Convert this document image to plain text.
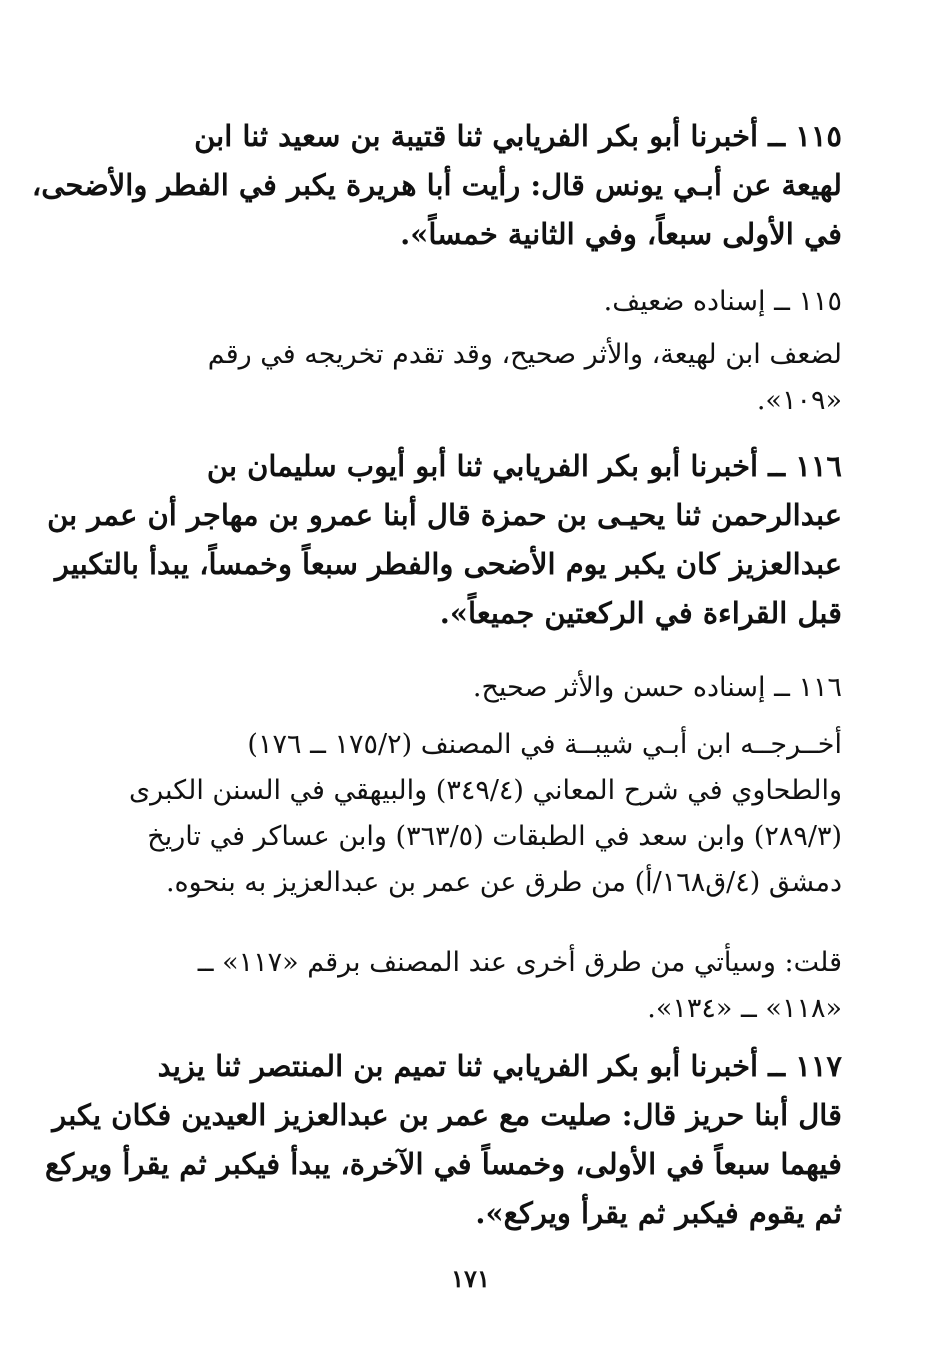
١١٥ ــ أخبرنا أبو بكر الفريابي ثنا قتيبة بن سعيد ثنا ابن
لهيعة عن أبـي يونس قال: رأيت أبا هريرة يكبر في الفطر والأضحى،
في الأولى سبعاً، وفي الثانية خمساً».
١١٥ ــ إسناده ضعيف.
لضعف ابن لهيعة، والأثر صحيح، وقد تقدم تخريجه في رقم
«١٠٩».
١١٦ ــ أخبرنا أبو بكر الفريابي ثنا أبو أيوب سليمان بن
عبدالرحمن ثنا يحيـى بن حمزة قال أبنا عمرو بن مهاجر أن عمر بن
عبدالعزيز كان يكبر يوم الأضحى والفطر سبعاً وخمساً، يبدأ بالتكبير
قبل القراءة في الركعتين جميعاً».
١١٦ ــ إسناده حسن والأثر صحيح.
أخــرجــه ابن أبـي شيبــة في المصنف (١٧٥/٢ ــ ١٧٦)
والطحاوي في شرح المعاني (٣٤٩/٤) والبيهقي في السنن الكبرى
(٢٨٩/٣) وابن سعد في الطبقات (٣٦٣/٥) وابن عساكر في تاريخ
دمشق (٤/ق١٦٨/أ) من طرق عن عمر بن عبدالعزيز به بنحوه.
قلت: وسيأتي من طرق أخرى عند المصنف برقم «١١٧» ــ
«١١٨» ــ «١٣٤».
١١٧ ــ أخبرنا أبو بكر الفريابي ثنا تميم بن المنتصر ثنا يزيد
قال أبنا حريز قال: صليت مع عمر بن عبدالعزيز العيدين فكان يكبر
فيهما سبعاً في الأولى، وخمساً في الآخرة، يبدأ فيكبر ثم يقرأ ويركع
ثم يقوم فيكبر ثم يقرأ ويركع».
١٧١
